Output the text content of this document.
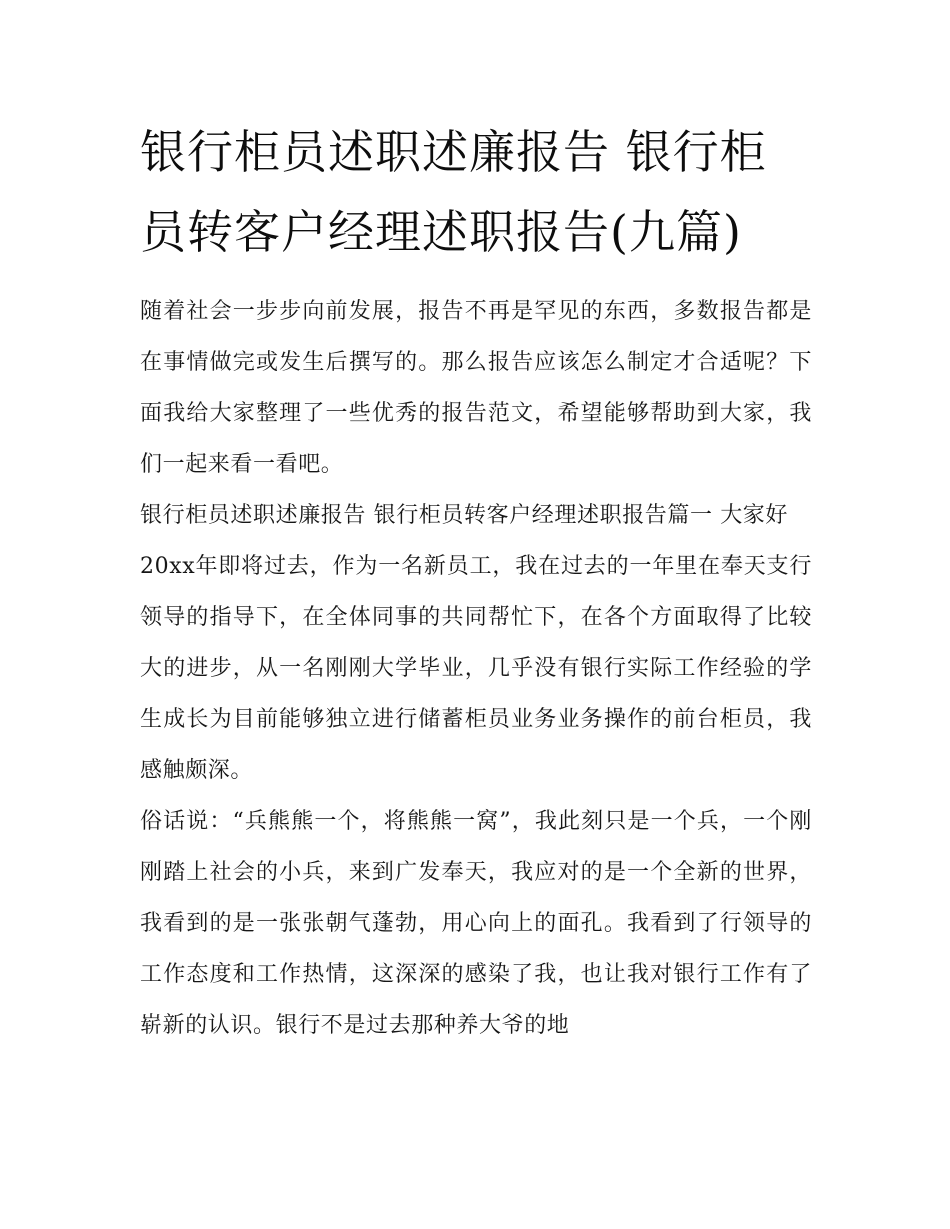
银行柜员述职述廉报告 银行柜员转客户经理述职报告(九篇)

随着社会一步步向前发展，报告不再是罕见的东西，多数报告都是在事情做完或发生后撰写的。那么报告应该怎么制定才合适呢？下面我给大家整理了一些优秀的报告范文，希望能够帮助到大家，我们一起来看一看吧。

银行柜员述职述廉报告 银行柜员转客户经理述职报告篇一 大家好

20xx年即将过去，作为一名新员工，我在过去的一年里在奉天支行领导的指导下，在全体同事的共同帮忙下，在各个方面取得了比较大的进步，从一名刚刚大学毕业，几乎没有银行实际工作经验的学生成长为目前能够独立进行储蓄柜员业务业务操作的前台柜员，我感触颇深。

俗话说：“兵熊熊一个，将熊熊一窝”，我此刻只是一个兵，一个刚刚踏上社会的小兵，来到广发奉天，我应对的是一个全新的世界，我看到的是一张张朝气蓬勃，用心向上的面孔。我看到了行领导的工作态度和工作热情，这深深的感染了我，也让我对银行工作有了崭新的认识。银行不是过去那种养大爷的地
